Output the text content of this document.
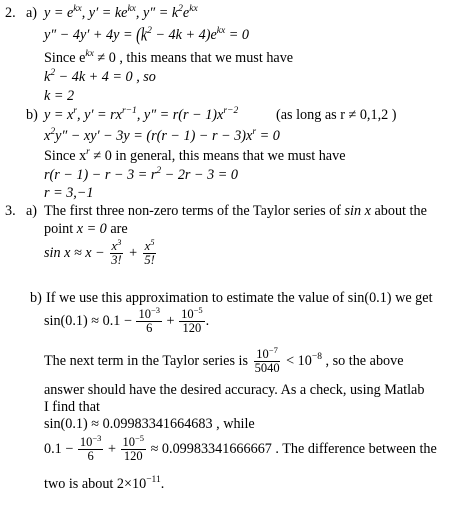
2. a) $y = e^{kx}$, $y' = ke^{kx}$, $y'' = k^2e^{kx}$
$y'' - 4y' + 4y = (k^2 - 4k + 4)e^{kx} = 0$
Since $e^{kx} \ne 0$ , this means that we must have
$k^2 - 4k + 4 = 0$ , so
k = 2
b) $y = x^r$, $y' = rx^{r-1}$, $y'' = r(r - 1)x^{r-2}$	(as long as r ≠ 0,1,2 )
$x^2y'' - xy' - 3y = (r(r - 1) - r - 3)x^r = 0$
Since $x^r \ne 0$ in general, this means that we must have
$r(r - 1) - r - 3 = r^2 - 2r - 3 = 0$
r = 3,−1
3. a) The first three non-zero terms of the Taylor series of sin x about the
point x = 0 are
$\sin x \approx x - \frac{x^3}{3!} + \frac{x^5}{5!}$
b) If we use this approximation to estimate the value of sin(0.1) we get
$\sin(0.1) \approx 0.1 - \frac{10^{-3}}{6} + \frac{10^{-5}}{120}$ .
The next term in the Taylor series is $\frac{10^{-7}}{5040} < 10^{-8}$ , so the above
answer should have the desired accuracy. As a check, using Matlab
I find that
sin(0.1) ≈ 0.09983341664683 , while
$0.1 - \frac{10^{-3}}{6} + \frac{10^{-5}}{120} \approx 0.09983341666667$ . The difference between the
two is about $2\times 10^{-11}$.
